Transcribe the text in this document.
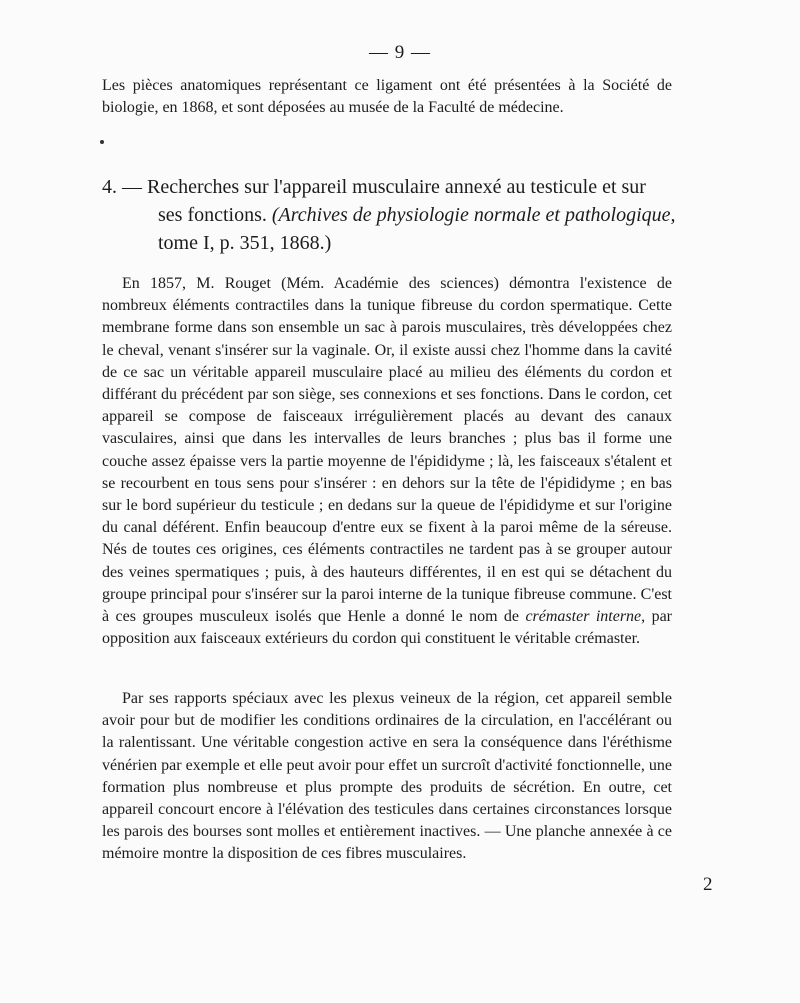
— 9 —

Les pièces anatomiques représentant ce ligament ont été présentées à la Société de biologie, en 1868, et sont déposées au musée de la Faculté de médecine.

4. — Recherches sur l'appareil musculaire annexé au testicule et sur
ses fonctions. (Archives de physiologie normale et pathologique,
tome I, p. 351, 1868.)

En 1857, M. Rouget (Mém. Académie des sciences) démontra l'existence de nombreux éléments contractiles dans la tunique fibreuse du cordon spermatique. Cette membrane forme dans son ensemble un sac à parois musculaires, très développées chez le cheval, venant s'insérer sur la vaginale. Or, il existe aussi chez l'homme dans la cavité de ce sac un véritable appareil musculaire placé au milieu des éléments du cordon et différant du précédent par son siège, ses connexions et ses fonctions. Dans le cordon, cet appareil se compose de faisceaux irrégulièrement placés au devant des canaux vasculaires, ainsi que dans les intervalles de leurs branches ; plus bas il forme une couche assez épaisse vers la partie moyenne de l'épididyme ; là, les faisceaux s'étalent et se recourbent en tous sens pour s'insérer : en dehors sur la tête de l'épididyme ; en bas sur le bord supérieur du testicule ; en dedans sur la queue de l'épididyme et sur l'origine du canal déférent. Enfin beaucoup d'entre eux se fixent à la paroi même de la séreuse. Nés de toutes ces origines, ces éléments contractiles ne tardent pas à se grouper autour des veines spermatiques ; puis, à des hauteurs différentes, il en est qui se détachent du groupe principal pour s'insérer sur la paroi interne de la tunique fibreuse commune. C'est à ces groupes musculeux isolés que Henle a donné le nom de crémaster interne, par opposition aux faisceaux extérieurs du cordon qui constituent le véritable crémaster.

Par ses rapports spéciaux avec les plexus veineux de la région, cet appareil semble avoir pour but de modifier les conditions ordinaires de la circulation, en l'accélérant ou la ralentissant. Une véritable congestion active en sera la conséquence dans l'éréthisme vénérien par exemple et elle peut avoir pour effet un surcroît d'activité fonctionnelle, une formation plus nombreuse et plus prompte des produits de sécrétion. En outre, cet appareil concourt encore à l'élévation des testicules dans certaines circonstances lorsque les parois des bourses sont molles et entièrement inactives. — Une planche annexée à ce mémoire montre la disposition de ces fibres musculaires.

2
